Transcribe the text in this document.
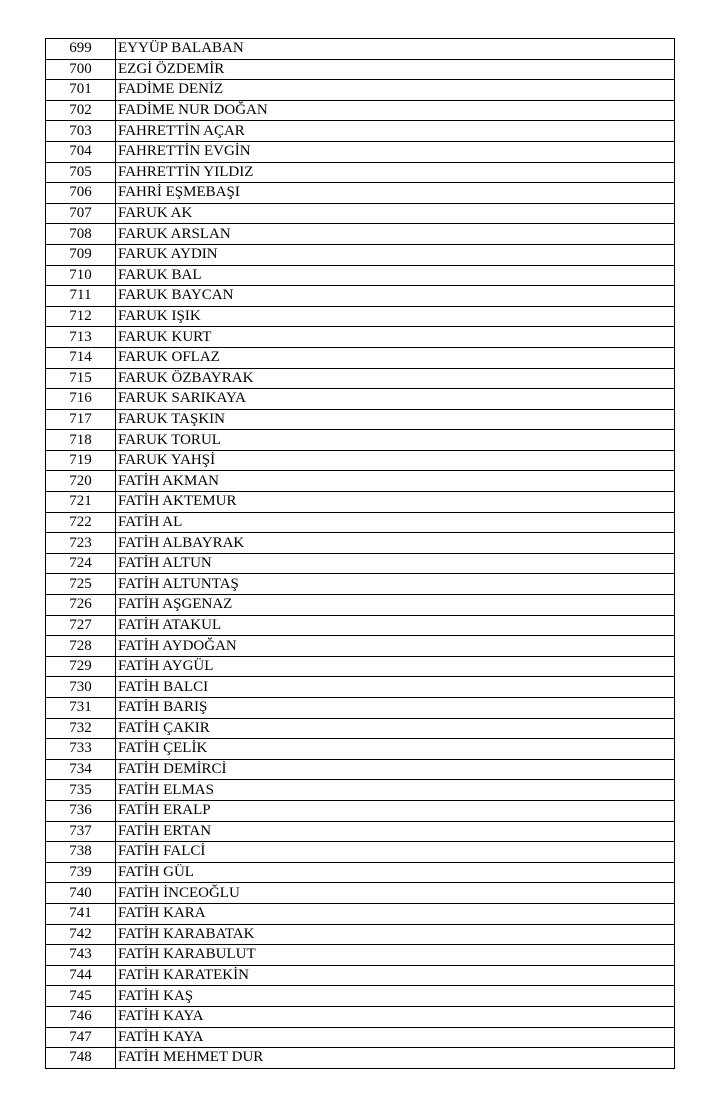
699	EYYÜP BALABAN
700	EZGİ ÖZDEMİR
701	FADİME DENİZ
702	FADİME NUR DOĞAN
703	FAHRETTİN AÇAR
704	FAHRETTİN EVGİN
705	FAHRETTİN YILDIZ
706	FAHRİ EŞMEBAŞI
707	FARUK AK
708	FARUK ARSLAN
709	FARUK AYDIN
710	FARUK BAL
711	FARUK BAYCAN
712	FARUK IŞIK
713	FARUK KURT
714	FARUK OFLAZ
715	FARUK ÖZBAYRAK
716	FARUK SARIKAYA
717	FARUK TAŞKIN
718	FARUK TORUL
719	FARUK YAHŞİ
720	FATİH AKMAN
721	FATİH AKTEMUR
722	FATİH AL
723	FATİH ALBAYRAK
724	FATİH ALTUN
725	FATİH ALTUNTAŞ
726	FATİH AŞGENAZ
727	FATİH ATAKUL
728	FATİH AYDOĞAN
729	FATİH AYGÜL
730	FATİH BALCI
731	FATİH BARIŞ
732	FATİH ÇAKIR
733	FATİH ÇELİK
734	FATİH DEMİRCİ
735	FATİH ELMAS
736	FATİH ERALP
737	FATİH ERTAN
738	FATİH FALCİ
739	FATİH GÜL
740	FATİH İNCEOĞLU
741	FATİH KARA
742	FATİH KARABATAK
743	FATİH KARABULUT
744	FATİH KARATEKİN
745	FATİH KAŞ
746	FATİH KAYA
747	FATİH KAYA
748	FATİH MEHMET DUR
